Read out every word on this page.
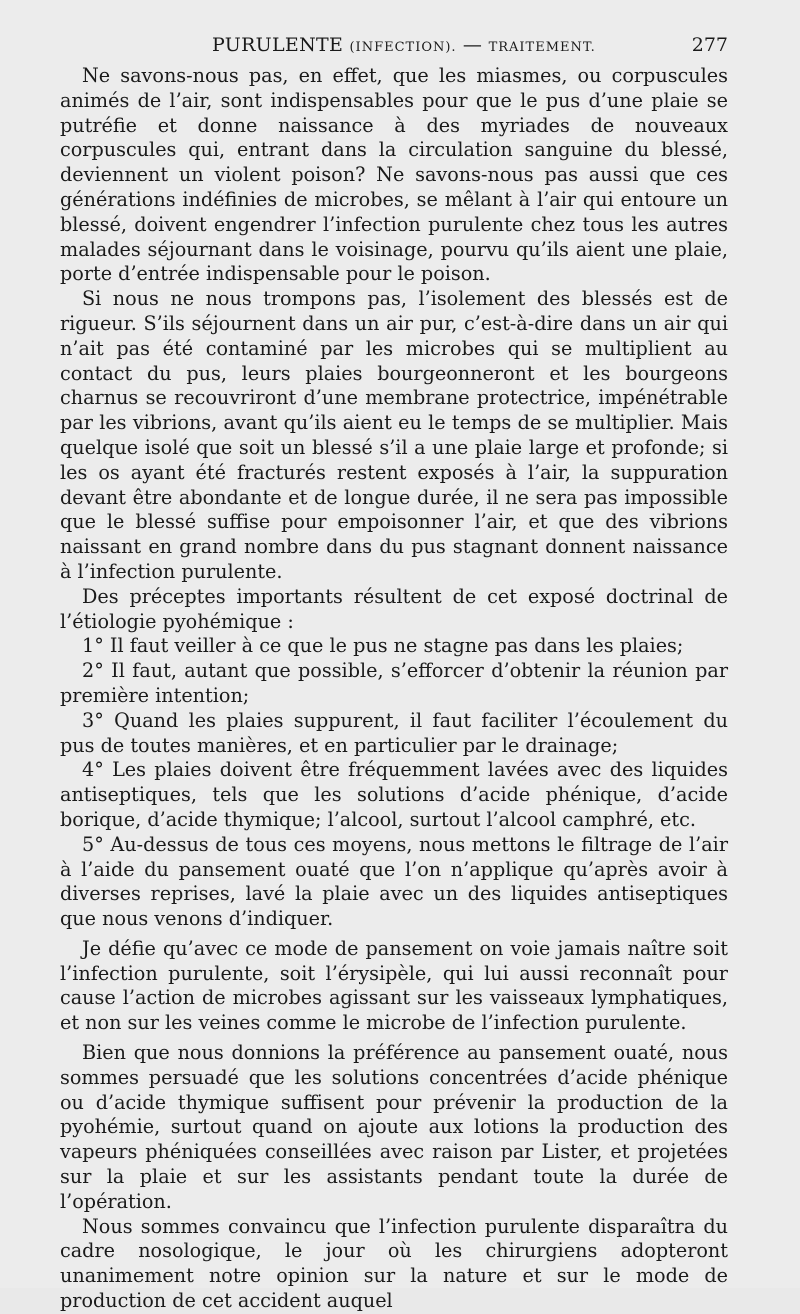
PURULENTE (INFECTION). — TRAITEMENT.	277

Ne savons-nous pas, en effet, que les miasmes, ou corpuscules animés de l’air, sont indispensables pour que le pus d’une plaie se putréfie et donne naissance à des myriades de nouveaux corpuscules qui, entrant dans la circulation sanguine du blessé, deviennent un violent poison? Ne savons-nous pas aussi que ces générations indéfinies de microbes, se mêlant à l’air qui entoure un blessé, doivent engendrer l’infection purulente chez tous les autres malades séjournant dans le voisinage, pourvu qu’ils aient une plaie, porte d’entrée indispensable pour le poison.

Si nous ne nous trompons pas, l’isolement des blessés est de rigueur. S’ils séjournent dans un air pur, c’est-à-dire dans un air qui n’ait pas été contaminé par les microbes qui se multiplient au contact du pus, leurs plaies bourgeonneront et les bourgeons charnus se recouvriront d’une membrane protectrice, impénétrable par les vibrions, avant qu’ils aient eu le temps de se multiplier. Mais quelque isolé que soit un blessé s’il a une plaie large et profonde; si les os ayant été fracturés restent exposés à l’air, la suppuration devant être abondante et de longue durée, il ne sera pas impossible que le blessé suffise pour empoisonner l’air, et que des vibrions naissant en grand nombre dans du pus stagnant donnent naissance à l’infection purulente.

Des préceptes importants résultent de cet exposé doctrinal de l’étiologie pyohémique :

1° Il faut veiller à ce que le pus ne stagne pas dans les plaies;

2° Il faut, autant que possible, s’efforcer d’obtenir la réunion par première intention;

3° Quand les plaies suppurent, il faut faciliter l’écoulement du pus de toutes manières, et en particulier par le drainage;

4° Les plaies doivent être fréquemment lavées avec des liquides antiseptiques, tels que les solutions d’acide phénique, d’acide borique, d’acide thymique; l’alcool, surtout l’alcool camphré, etc.

5° Au-dessus de tous ces moyens, nous mettons le filtrage de l’air à l’aide du pansement ouaté que l’on n’applique qu’après avoir à diverses reprises, lavé la plaie avec un des liquides antiseptiques que nous venons d’indiquer.

Je défie qu’avec ce mode de pansement on voie jamais naître soit l’infection purulente, soit l’érysipèle, qui lui aussi reconnaît pour cause l’action de microbes agissant sur les vaisseaux lymphatiques, et non sur les veines comme le microbe de l’infection purulente.

Bien que nous donnions la préférence au pansement ouaté, nous sommes persuadé que les solutions concentrées d’acide phénique ou d’acide thymique suffisent pour prévenir la production de la pyohémie, surtout quand on ajoute aux lotions la production des vapeurs phéniquées conseillées avec raison par Lister, et projetées sur la plaie et sur les assistants pendant toute la durée de l’opération.

Nous sommes convaincu que l’infection purulente disparaîtra du cadre nosologique, le jour où les chirurgiens adopteront unanimement notre opinion sur la nature et sur le mode de production de cet accident auquel
